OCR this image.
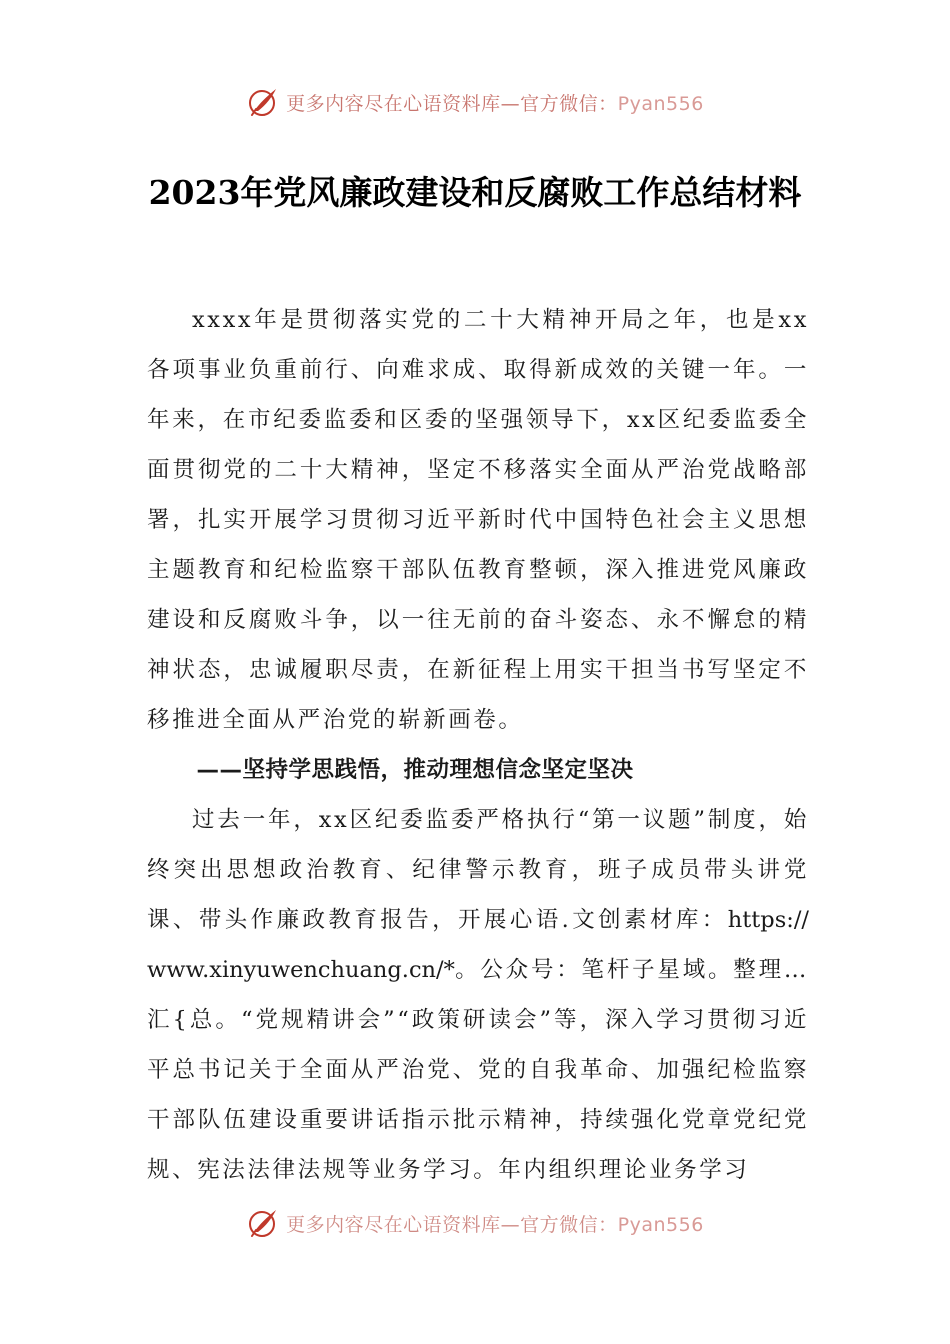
更多内容尽在心语资料库—官方微信：Pyan556
2023年党风廉政建设和反腐败工作总结材料

xxxx年是贯彻落实党的二十大精神开局之年，也是xx各项事业负重前行、向难求成、取得新成效的关键一年。一年来，在市纪委监委和区委的坚强领导下，xx区纪委监委全面贯彻党的二十大精神，坚定不移落实全面从严治党战略部署，扎实开展学习贯彻习近平新时代中国特色社会主义思想主题教育和纪检监察干部队伍教育整顿，深入推进党风廉政建设和反腐败斗争，以一往无前的奋斗姿态、永不懈怠的精神状态，忠诚履职尽责，在新征程上用实干担当书写坚定不移推进全面从严治党的崭新画卷。

——坚持学思践悟，推动理想信念坚定坚决

过去一年，xx区纪委监委严格执行“第一议题”制度，始终突出思想政治教育、纪律警示教育，班子成员带头讲党课、带头作廉政教育报告，开展心语.文创素材库：https://www.xinyuwenchuang.cn/*。公众号：笔杆子星域。整理…汇{总。“党规精讲会”“政策研读会”等，深入学习贯彻习近平总书记关于全面从严治党、党的自我革命、加强纪检监察干部队伍建设重要讲话指示批示精神，持续强化党章党纪党规、宪法法律法规等业务学习。年内组织理论业务学习

更多内容尽在心语资料库—官方微信：Pyan556
